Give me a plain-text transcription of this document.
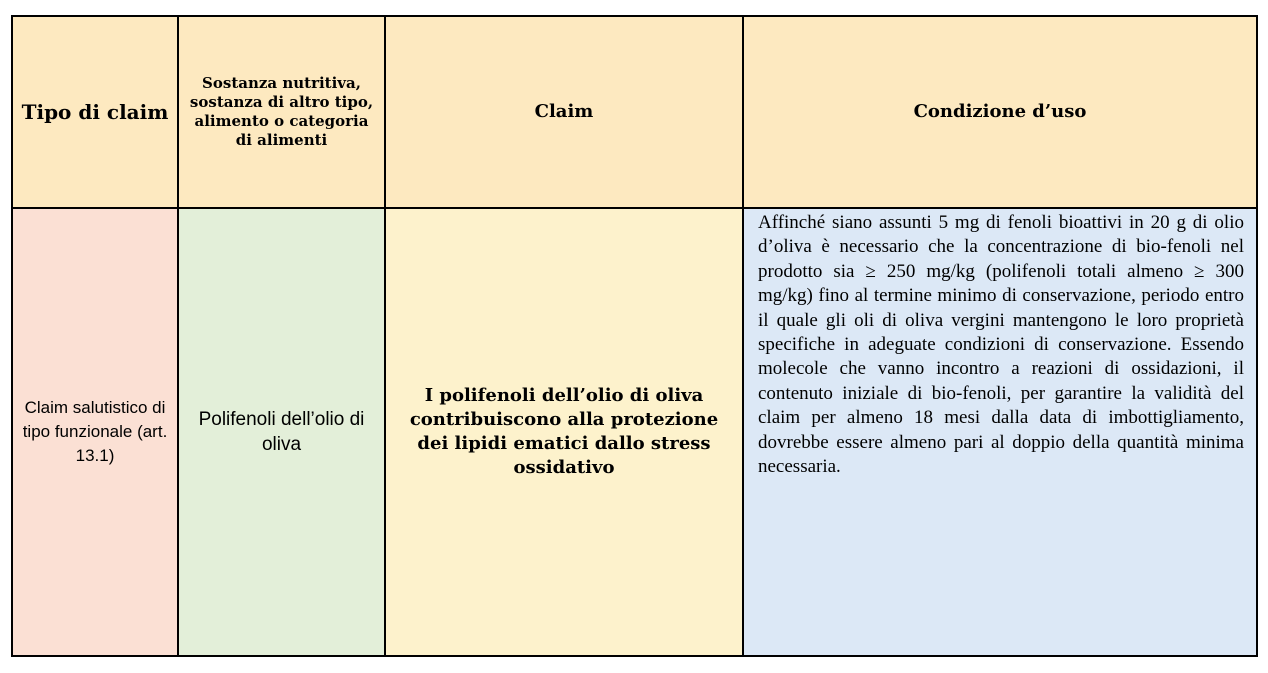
Tipo di claim	Sostanza nutritiva, sostanza di altro tipo, alimento o categoria di alimenti	Claim	Condizione d’uso

Claim salutistico di tipo funzionale (art. 13.1)	Polifenoli dell’olio di oliva	I polifenoli dell’olio di oliva contribuiscono alla protezione dei lipidi ematici dallo stress ossidativo	Affinché siano assunti 5 mg di fenoli bioattivi in 20 g di olio d’oliva è necessario che la concentrazione di bio-fenoli nel prodotto sia ≥ 250 mg/kg (polifenoli totali almeno ≥ 300 mg/kg) fino al termine minimo di conservazione, periodo entro il quale gli oli di oliva vergini mantengono le loro proprietà specifiche in adeguate condizioni di conservazione. Essendo molecole che vanno incontro a reazioni di ossidazioni, il contenuto iniziale di bio-fenoli, per garantire la validità del claim per almeno 18 mesi dalla data di imbottigliamento, dovrebbe essere almeno pari al doppio della quantità minima necessaria.
